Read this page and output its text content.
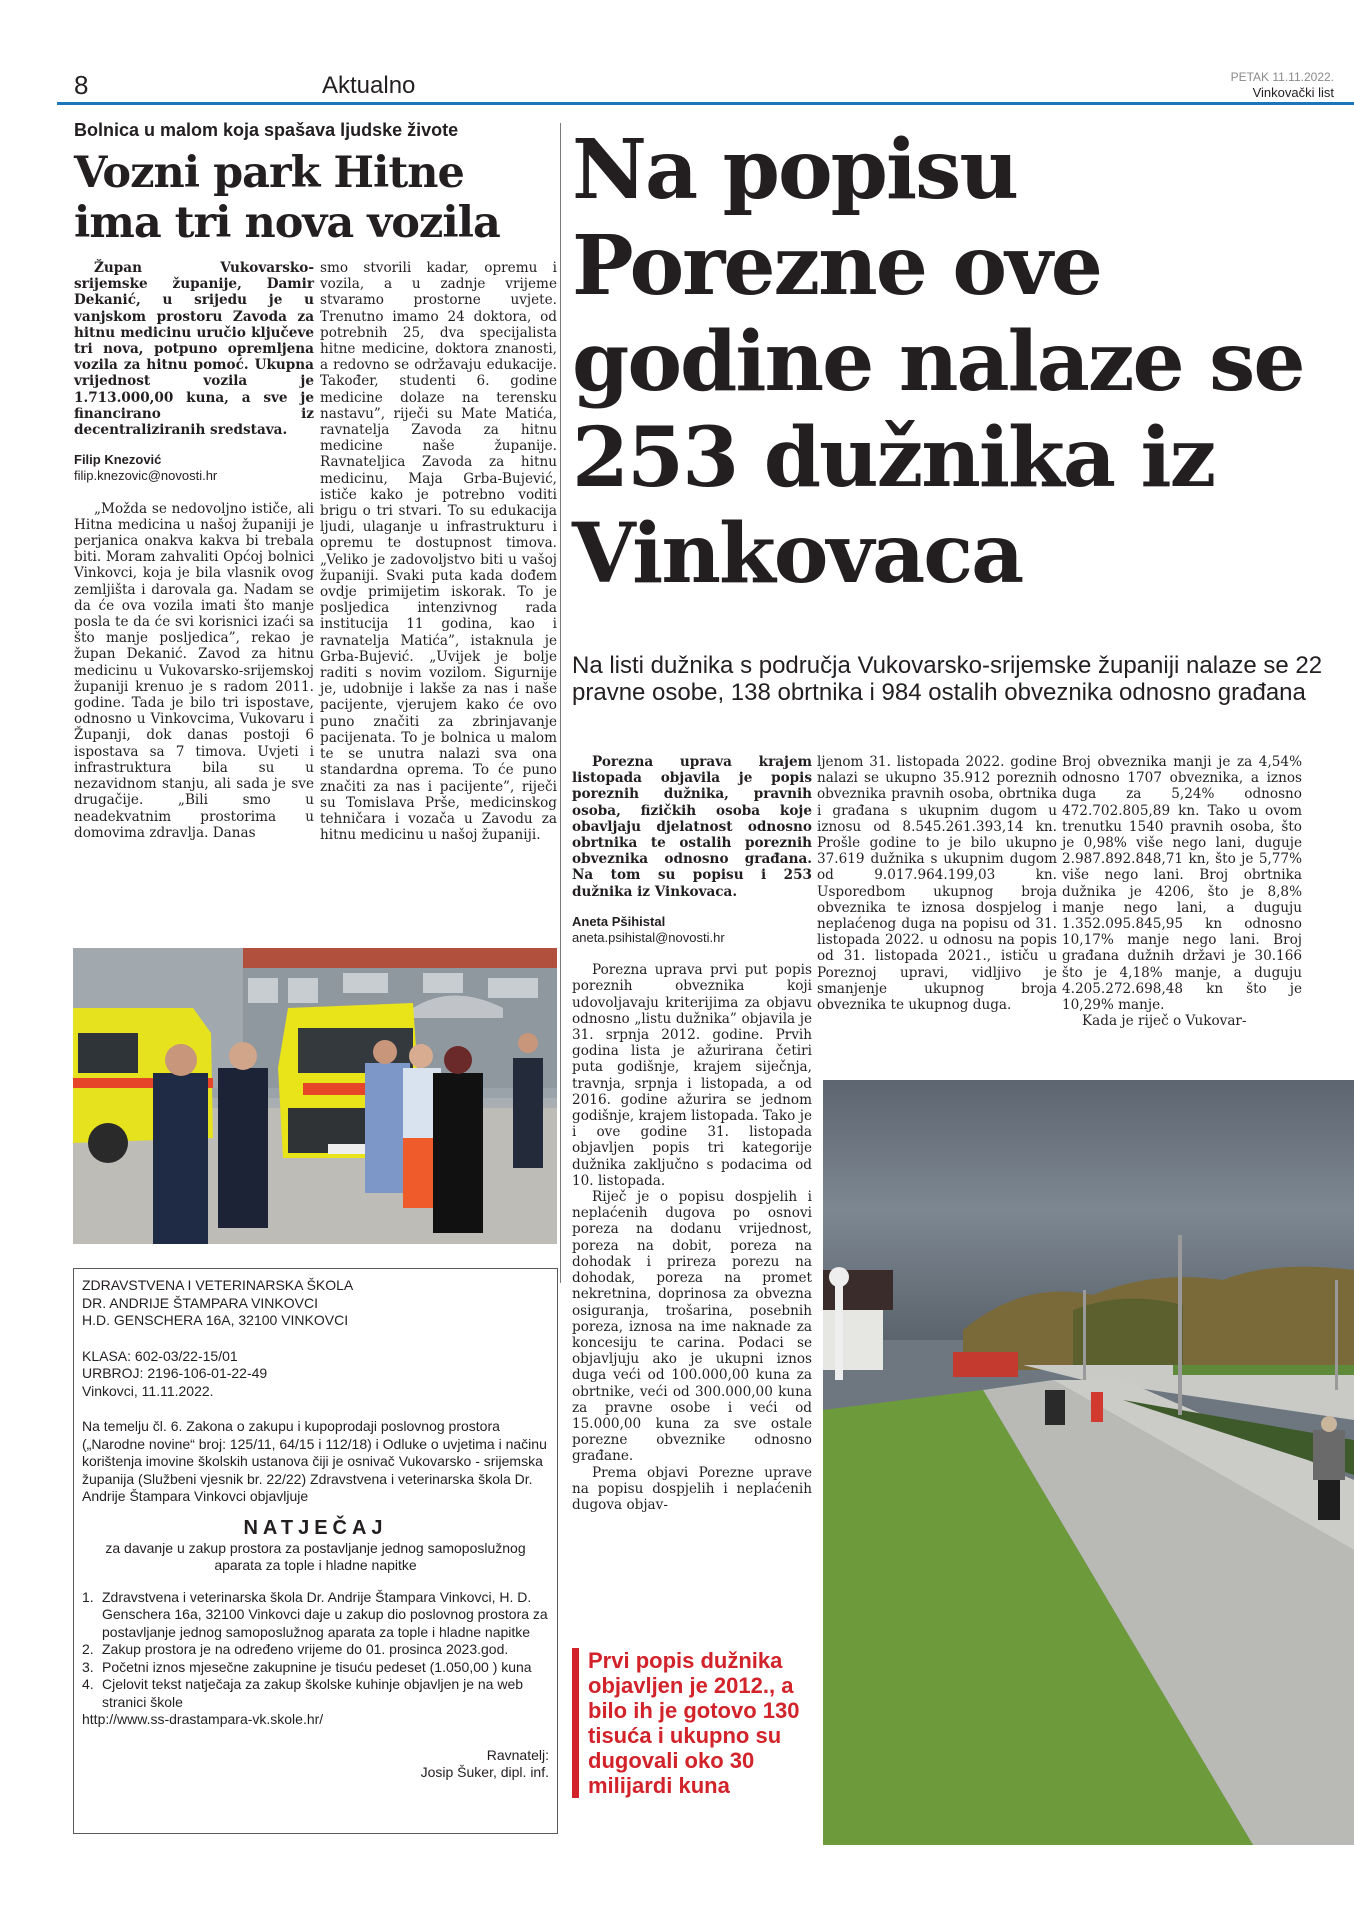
8	Aktualno	PETAK 11.11.2022.
Vinkovački list
Bolnica u malom koja spašava ljudske živote
Vozni park Hitne ima tri nova vozila

Župan Vukovarsko-srijemske županije, Damir Dekanić, u srijedu je u vanjskom prostoru Zavoda za hitnu medicinu uručio ključeve tri nova, potpuno opremljena vozila za hitnu pomoć. Ukupna vrijednost vozila je 1.713.000,00 kuna, a sve je financirano iz decentraliziranih sredstava.

Filip Knezović
filip.knezovic@novosti.hr

„Možda se nedovoljno ističe, ali Hitna medicina u našoj županiji je perjanica onakva kakva bi trebala biti. Moram zahvaliti Općoj bolnici Vinkovci, koja je bila vlasnik ovog zemljišta i darovala ga. Nadam se da će ova vozila imati što manje posla te da će svi korisnici izaći sa što manje posljedica”, rekao je župan Dekanić. Zavod za hitnu medicinu u Vukovarsko-srijemskoj županiji krenuo je s radom 2011. godine. Tada je bilo tri ispostave, odnosno u Vinkovcima, Vukovaru i Županji, dok danas postoji 6 ispostava sa 7 timova. Uvjeti i infrastruktura bila su u nezavidnom stanju, ali sada je sve drugačije. „Bili smo u neadekvatnim prostorima u domovima zdravlja. Danas

smo stvorili kadar, opremu i vozila, a u zadnje vrijeme stvaramo prostorne uvjete. Trenutno imamo 24 doktora, od potrebnih 25, dva specijalista hitne medicine, doktora znanosti, a redovno se održavaju edukacije. Također, studenti 6. godine medicine dolaze na terensku nastavu”, riječi su Mate Matića, ravnatelja Zavoda za hitnu medicine naše županije. Ravnateljica Zavoda za hitnu medicinu, Maja Grba-Bujević, ističe kako je potrebno voditi brigu o tri stvari. To su edukacija ljudi, ulaganje u infrastrukturu i opremu te dostupnost timova. „Veliko je zadovoljstvo biti u vašoj županiji. Svaki puta kada dođem ovdje primijetim iskorak. To je posljedica intenzivnog rada institucija 11 godina, kao i ravnatelja Matića”, istaknula je Grba-Bujević. „Uvijek je bolje raditi s novim vozilom. Sigurnije je, udobnije i lakše za nas i naše pacijente, vjerujem kako će ovo puno značiti za zbrinjavanje pacijenata. To je bolnica u malom te se unutra nalazi sva ona standardna oprema. To će puno značiti za nas i pacijente”, riječi su Tomislava Prše, medicinskog tehničara i vozača u Zavodu za hitnu medicinu u našoj županiji.

ZDRAVSTVENA I VETERINARSKA ŠKOLA
DR. ANDRIJE ŠTAMPARA VINKOVCI
H.D. GENSCHERA 16A, 32100 VINKOVCI
KLASA: 602-03/22-15/01
URBROJ: 2196-106-01-22-49
Vinkovci, 11.11.2022.
Na temelju čl. 6. Zakona o zakupu i kupoprodaji poslovnog prostora („Narodne novine“ broj: 125/11, 64/15 i 112/18) i Odluke o uvjetima i načinu korištenja imovine školskih ustanova čiji je osnivač Vukovarsko - srijemska županija (Službeni vjesnik br. 22/22) Zdravstvena i veterinarska škola Dr. Andrije Štampara Vinkovci objavljuje
NATJEČAJ
za davanje u zakup prostora za postavljanje jednog samoposlužnog aparata za tople i hladne napitke
1. Zdravstvena i veterinarska škola Dr. Andrije Štampara Vinkovci, H. D. Genschera 16a, 32100 Vinkovci daje u zakup dio poslovnog prostora za postavljanje jednog samoposlužnog aparata za tople i hladne napitke
2. Zakup prostora je na određeno vrijeme do 01. prosinca 2023.god.
3. Početni iznos mjesečne zakupnine je tisuću pedeset (1.050,00 ) kuna
4. Cjelovit tekst natječaja za zakup školske kuhinje objavljen je na web stranici škole
http://www.ss-drastampara-vk.skole.hr/
Ravnatelj:
Josip Šuker, dipl. inf.
Na popisu Porezne ove godine nalaze se 253 dužnika iz Vinkovaca
Na listi dužnika s područja Vukovarsko-srijemske županiji nalaze se 22 pravne osobe, 138 obrtnika i 984 ostalih obveznika odnosno građana

Porezna uprava krajem listopada objavila je popis poreznih dužnika, pravnih osoba, fizičkih osoba koje obavljaju djelatnost odnosno obrtnika te ostalih poreznih obveznika odnosno građana. Na tom su popisu i 253 dužnika iz Vinkovaca.

Aneta Pšihistal
aneta.psihistal@novosti.hr

Porezna uprava prvi put popis poreznih obveznika koji udovoljavaju kriterijima za objavu odnosno „listu dužnika” objavila je 31. srpnja 2012. godine. Prvih godina lista je ažurirana četiri puta godišnje, krajem siječnja, travnja, srpnja i listopada, a od 2016. godine ažurira se jednom godišnje, krajem listopada. Tako je i ove godine 31. listopada objavljen popis tri kategorije dužnika zaključno s podacima od 10. listopada.

Riječ je o popisu dospjelih i neplaćenih dugova po osnovi poreza na dodanu vrijednost, poreza na dobit, poreza na dohodak i prireza porezu na dohodak, poreza na promet nekretnina, doprinosa za obvezna osiguranja, trošarina, posebnih poreza, iznosa na ime naknade za koncesiju te carina. Podaci se objavljuju ako je ukupni iznos duga veći od 100.000,00 kuna za obrtnike, veći od 300.000,00 kuna za pravne osobe i veći od 15.000,00 kuna za sve ostale porezne obveznike odnosno građane.

Prema objavi Porezne uprave na popisu dospjelih i neplaćenih dugova objav-

ljenom 31. listopada 2022. godine nalazi se ukupno 35.912 poreznih obveznika pravnih osoba, obrtnika i građana s ukupnim dugom u iznosu od 8.545.261.393,14 kn. Prošle godine to je bilo ukupno 37.619 dužnika s ukupnim dugom od 9.017.964.199,03 kn. Usporedbom ukupnog broja obveznika te iznosa dospjelog i neplaćenog duga na popisu od 31. listopada 2022. u odnosu na popis od 31. listopada 2021., ističu u Poreznoj upravi, vidljivo je smanjenje ukupnog broja obveznika te ukupnog duga.

Broj obveznika manji je za 4,54% odnosno 1707 obveznika, a iznos duga za 5,24% odnosno 472.702.805,89 kn. Tako u ovom trenutku 1540 pravnih osoba, što je 0,98% više nego lani, duguje 2.987.892.848,71 kn, što je 5,77% više nego lani. Broj obrtnika dužnika je 4206, što je 8,8% manje nego lani, a duguju 1.352.095.845,95 kn odnosno 10,17% manje nego lani. Broj građana dužnih državi je 30.166 što je 4,18% manje, a duguju 4.205.272.698,48 kn što je 10,29% manje.

Kada je riječ o Vukovar-

Prvi popis dužnika objavljen je 2012., a bilo ih je gotovo 130 tisuća i ukupno su dugovali oko 30 milijardi kuna
